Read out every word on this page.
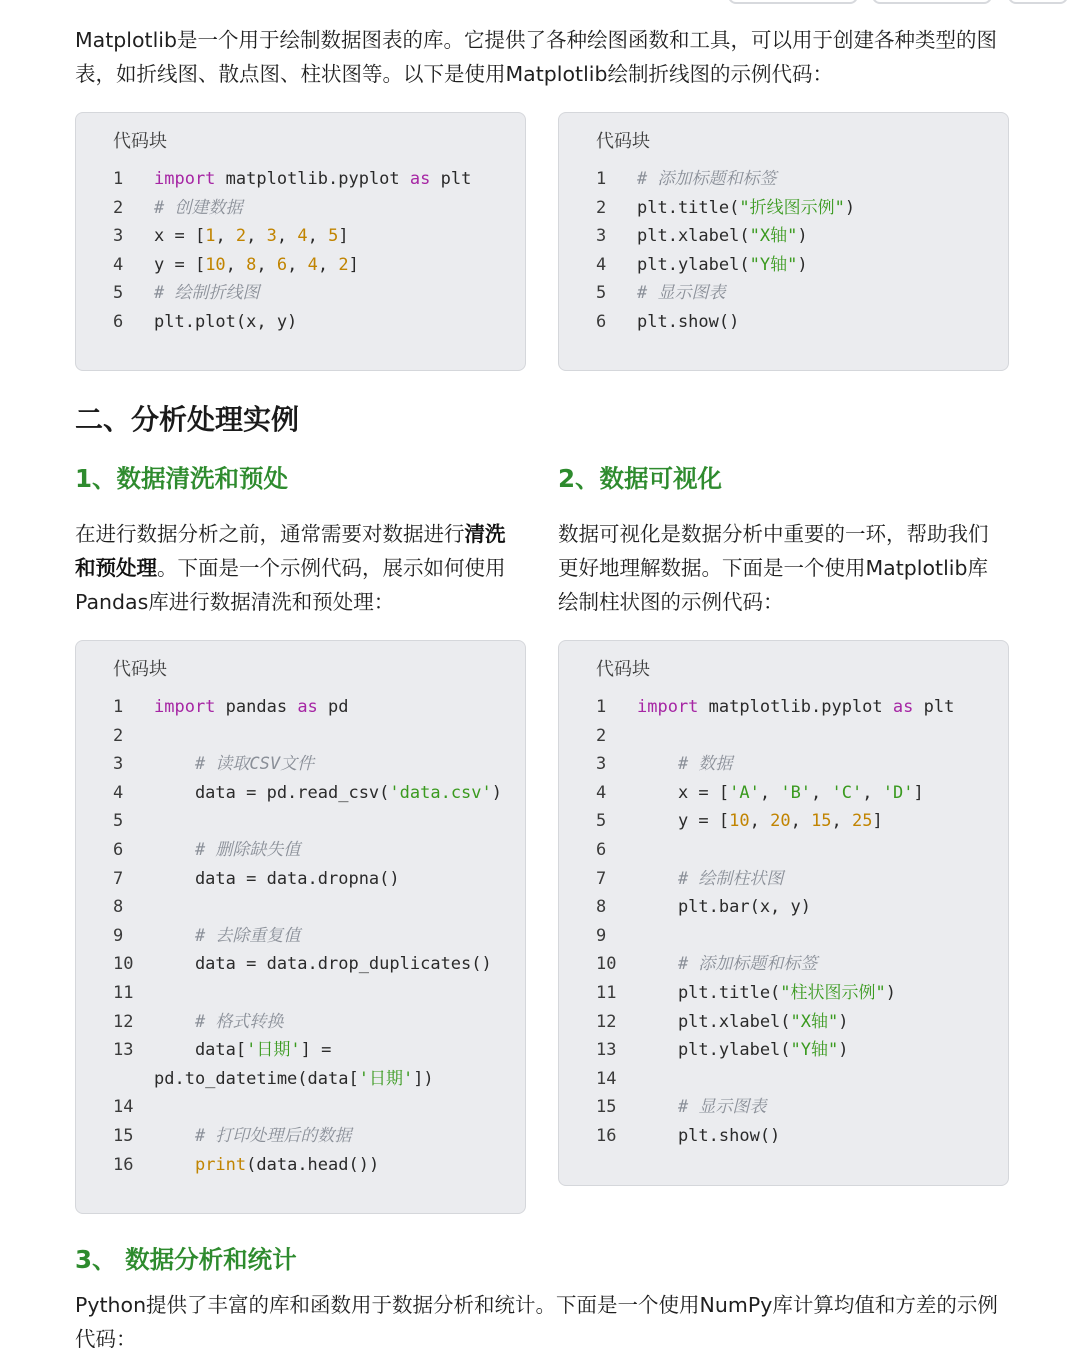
Matplotlib是一个用于绘制数据图表的库。它提供了各种绘图函数和工具，可以用于创建各种类型的图
表，如折线图、散点图、柱状图等。以下是使用Matplotlib绘制折线图的示例代码：
代码块
1	import matplotlib.pyplot as plt
2	# 创建数据
3	x = [1, 2, 3, 4, 5]
4	y = [10, 8, 6, 4, 2]
5	# 绘制折线图
6	plt.plot(x, y)
代码块
1	# 添加标题和标签
2	plt.title("折线图示例")
3	plt.xlabel("X轴")
4	plt.ylabel("Y轴")
5	# 显示图表
6	plt.show()
二、分析处理实例
1、数据清洗和预处
在进行数据分析之前，通常需要对数据进行清洗
和预处理。下面是一个示例代码，展示如何使用
Pandas库进行数据清洗和预处理：
2、数据可视化
数据可视化是数据分析中重要的一环，帮助我们
更好地理解数据。下面是一个使用Matplotlib库
绘制柱状图的示例代码：
代码块
1	import pandas as pd
2
3	# 读取CSV文件
4	data = pd.read_csv('data.csv')
5
6	# 删除缺失值
7	data = data.dropna()
8
9	# 去除重复值
10	data = data.drop_duplicates()
11
12	# 格式转换
13	data['日期'] =
pd.to_datetime(data['日期'])
14
15	# 打印处理后的数据
16	print(data.head())
代码块
1	import matplotlib.pyplot as plt
2
3	# 数据
4	x = ['A', 'B', 'C', 'D']
5	y = [10, 20, 15, 25]
6
7	# 绘制柱状图
8	plt.bar(x, y)
9
10	# 添加标题和标签
11	plt.title("柱状图示例")
12	plt.xlabel("X轴")
13	plt.ylabel("Y轴")
14
15	# 显示图表
16	plt.show()
3、 数据分析和统计
Python提供了丰富的库和函数用于数据分析和统计。下面是一个使用NumPy库计算均值和方差的示例
代码：
